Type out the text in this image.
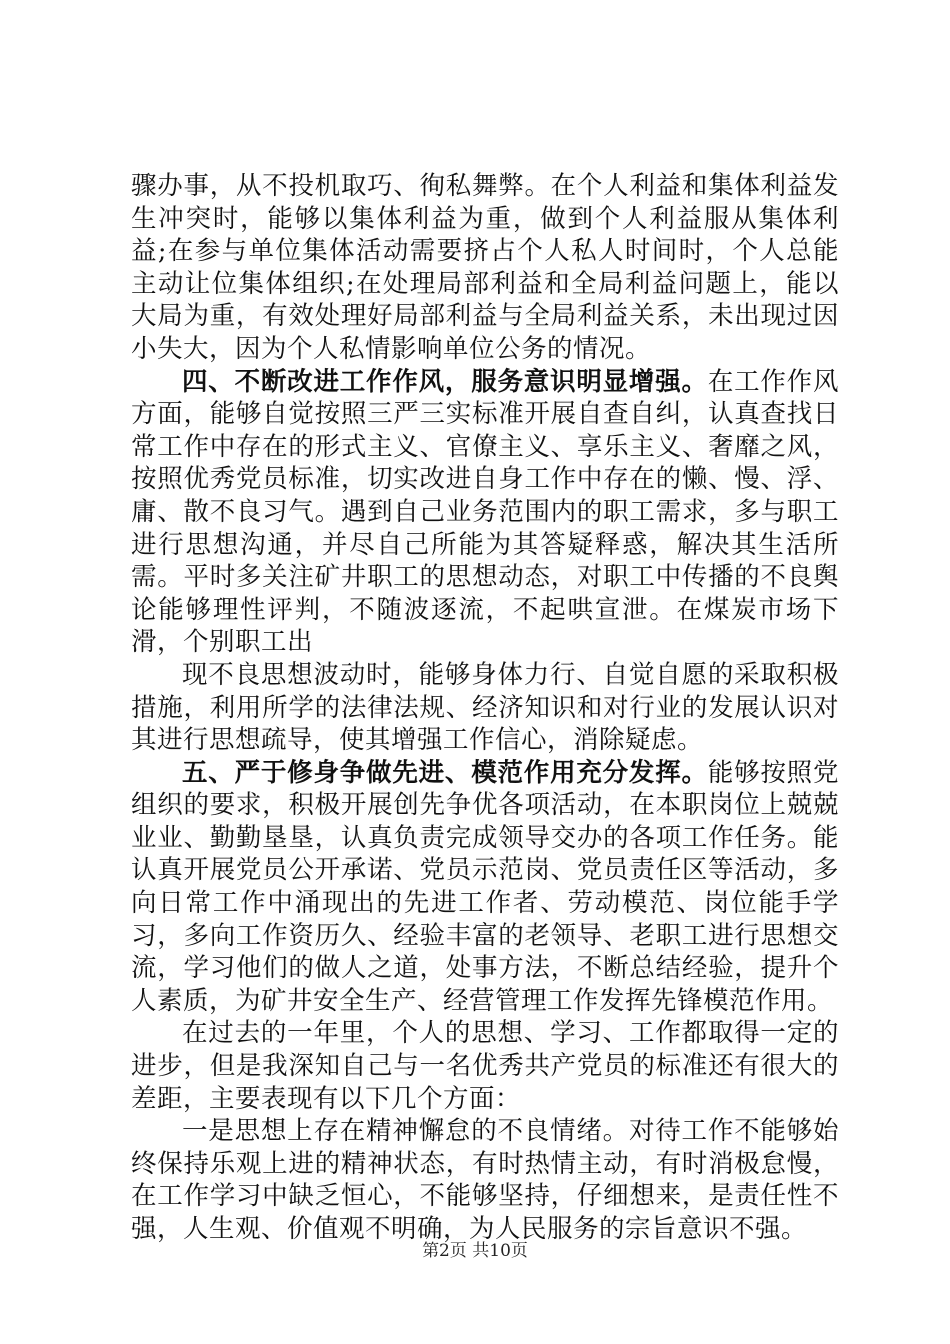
骤办事，从不投机取巧、徇私舞弊。在个人利益和集体利益发生冲突时，能够以集体利益为重，做到个人利益服从集体利益;在参与单位集体活动需要挤占个人私人时间时，个人总能主动让位集体组织;在处理局部利益和全局利益问题上，能以大局为重，有效处理好局部利益与全局利益关系，未出现过因小失大，因为个人私情影响单位公务的情况。

四、不断改进工作作风，服务意识明显增强。在工作作风方面，能够自觉按照三严三实标准开展自查自纠，认真查找日常工作中存在的形式主义、官僚主义、享乐主义、奢靡之风，按照优秀党员标准，切实改进自身工作中存在的懒、慢、浮、庸、散不良习气。遇到自己业务范围内的职工需求，多与职工进行思想沟通，并尽自己所能为其答疑释惑，解决其生活所需。平时多关注矿井职工的思想动态，对职工中传播的不良舆论能够理性评判，不随波逐流，不起哄宣泄。在煤炭市场下滑，个别职工出

现不良思想波动时，能够身体力行、自觉自愿的采取积极措施，利用所学的法律法规、经济知识和对行业的发展认识对其进行思想疏导，使其增强工作信心，消除疑虑。

五、严于修身争做先进、模范作用充分发挥。能够按照党组织的要求，积极开展创先争优各项活动，在本职岗位上兢兢业业、勤勤垦垦，认真负责完成领导交办的各项工作任务。能认真开展党员公开承诺、党员示范岗、党员责任区等活动，多向日常工作中涌现出的先进工作者、劳动模范、岗位能手学习，多向工作资历久、经验丰富的老领导、老职工进行思想交流，学习他们的做人之道，处事方法，不断总结经验，提升个人素质，为矿井安全生产、经营管理工作发挥先锋模范作用。

在过去的一年里，个人的思想、学习、工作都取得一定的进步，但是我深知自己与一名优秀共产党员的标准还有很大的差距，主要表现有以下几个方面：

一是思想上存在精神懈怠的不良情绪。对待工作不能够始终保持乐观上进的精神状态，有时热情主动，有时消极怠慢，在工作学习中缺乏恒心，不能够坚持，仔细想来，是责任性不强，人生观、价值观不明确，为人民服务的宗旨意识不强。

第2页 共10页
